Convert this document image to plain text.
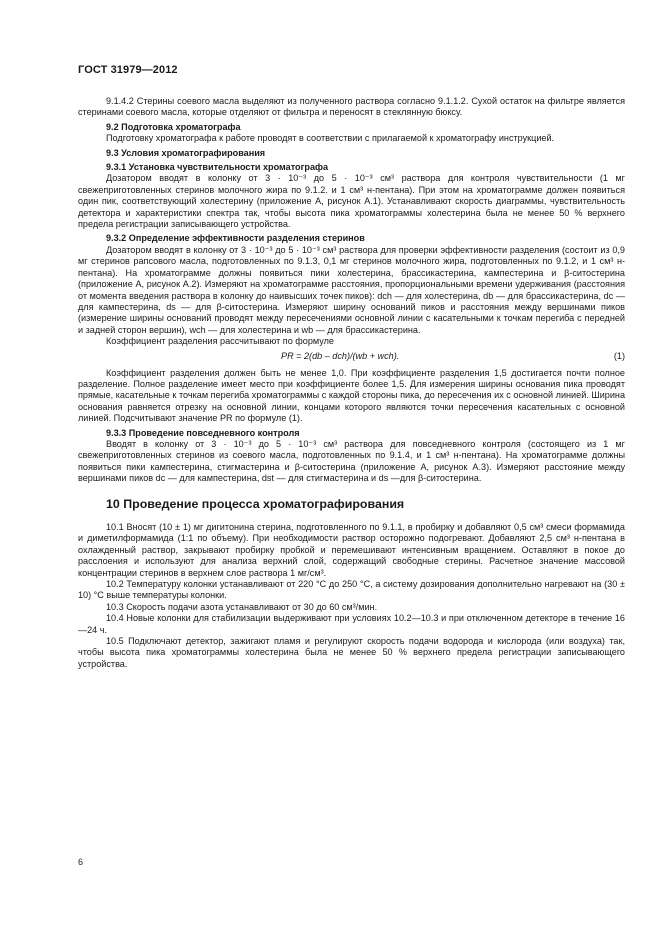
ГОСТ 31979—2012

9.1.4.2 Стерины соевого масла выделяют из полученного раствора согласно 9.1.1.2. Сухой остаток на фильтре является стеринами соевого масла, которые отделяют от фильтра и переносят в стеклянную бюксу.

9.2 Подготовка хроматографа

Подготовку хроматографа к работе проводят в соответствии с прилагаемой к хроматографу инструкцией.

9.3 Условия хроматографирования

9.3.1 Установка чувствительности хроматографа

Дозатором вводят в колонку от 3 · 10⁻³ до 5 · 10⁻³ см³ раствора для контроля чувствительности (1 мг свежеприготовленных стеринов молочного жира по 9.1.2. и 1 см³ н-пентана). При этом на хроматограмме должен появиться один пик, соответствующий холестерину (приложение А, рисунок А.1). Устанавливают скорость диаграммы, чувствительность детектора и характеристики спектра так, чтобы высота пика хроматограммы холестерина была не менее 50 % верхнего предела регистрации записывающего устройства.

9.3.2 Определение эффективности разделения стеринов

Дозатором вводят в колонку от 3 · 10⁻³ до 5 · 10⁻³ см³ раствора для проверки эффективности разделения (состоит из 0,9 мг стеринов рапсового масла, подготовленных по 9.1.3, 0,1 мг стеринов молочного жира, подготовленных по 9.1.2, и 1 см³ н-пентана). На хроматограмме должны появиться пики холестерина, брассикастерина, кампестерина и β-ситостерина (приложение А, рисунок А.2). Измеряют на хроматограмме расстояния, пропорциональными времени удерживания (расстояния от момента введения раствора в колонку до наивысших точек пиков): dch — для холестерина, db — для брассикастерина, dc — для кампестерина, ds — для β-ситостерина. Измеряют ширину оснований пиков и расстояния между вершинами пиков (измерение ширины оснований проводят между пересечениями основной линии с касательными к точкам перегиба с передней и задней сторон вершин), wch — для холестерина и wb — для брассикастерина.

Коэффициент разделения рассчитывают по формуле

PR = 2(db – dch)/(wb + wch).	(1)

Коэффициент разделения должен быть не менее 1,0. При коэффициенте разделения 1,5 достигается почти полное разделение. Полное разделение имеет место при коэффициенте более 1,5. Для измерения ширины основания пика проводят прямые, касательные к точкам перегиба хроматограммы с каждой стороны пика, до пересечения их с основной линией. Ширина основания равняется отрезку на основной линии, концами которого являются точки пересечения касательных с основной линией. Подсчитывают значение PR по формуле (1).

9.3.3 Проведение повседневного контроля

Вводят в колонку от 3 · 10⁻³ до 5 · 10⁻³ см³ раствора для повседневного контроля (состоящего из 1 мг свежеприготовленных стеринов из соевого масла, подготовленных по 9.1.4, и 1 см³ н-пентана). На хроматограмме должны появиться пики кампестерина, стигмастерина и β-ситостерина (приложение А, рисунок А.3). Измеряют расстояние между вершинами пиков dc — для кампестерина, dst — для стигмастерина и ds —для β-ситостерина.

10 Проведение процесса хроматографирования

10.1 Вносят (10 ± 1) мг дигитонина стерина, подготовленного по 9.1.1, в пробирку и добавляют 0,5 см³ смеси формамида и диметилформамида (1:1 по объему). При необходимости раствор осторожно подогревают. Добавляют 2,5 см³ н-пентана в охлажденный раствор, закрывают пробирку пробкой и перемешивают интенсивным вращением. Оставляют в покое до расслоения и используют для анализа верхний слой, содержащий свободные стерины. Расчетное значение массовой концентрации стеринов в верхнем слое раствора 1 мг/см³.

10.2 Температуру колонки устанавливают от 220 °C до 250 °C, а систему дозирования дополнительно нагревают на (30 ± 10) °C выше температуры колонки.

10.3 Скорость подачи азота устанавливают от 30 до 60 см³/мин.

10.4 Новые колонки для стабилизации выдерживают при условиях 10.2—10.3 и при отключенном детекторе в течение 16—24 ч.

10.5 Подключают детектор, зажигают пламя и регулируют скорость подачи водорода и кислорода (или воздуха) так, чтобы высота пика хроматограммы холестерина была не менее 50 % верхнего предела регистрации записывающего устройства.

6
